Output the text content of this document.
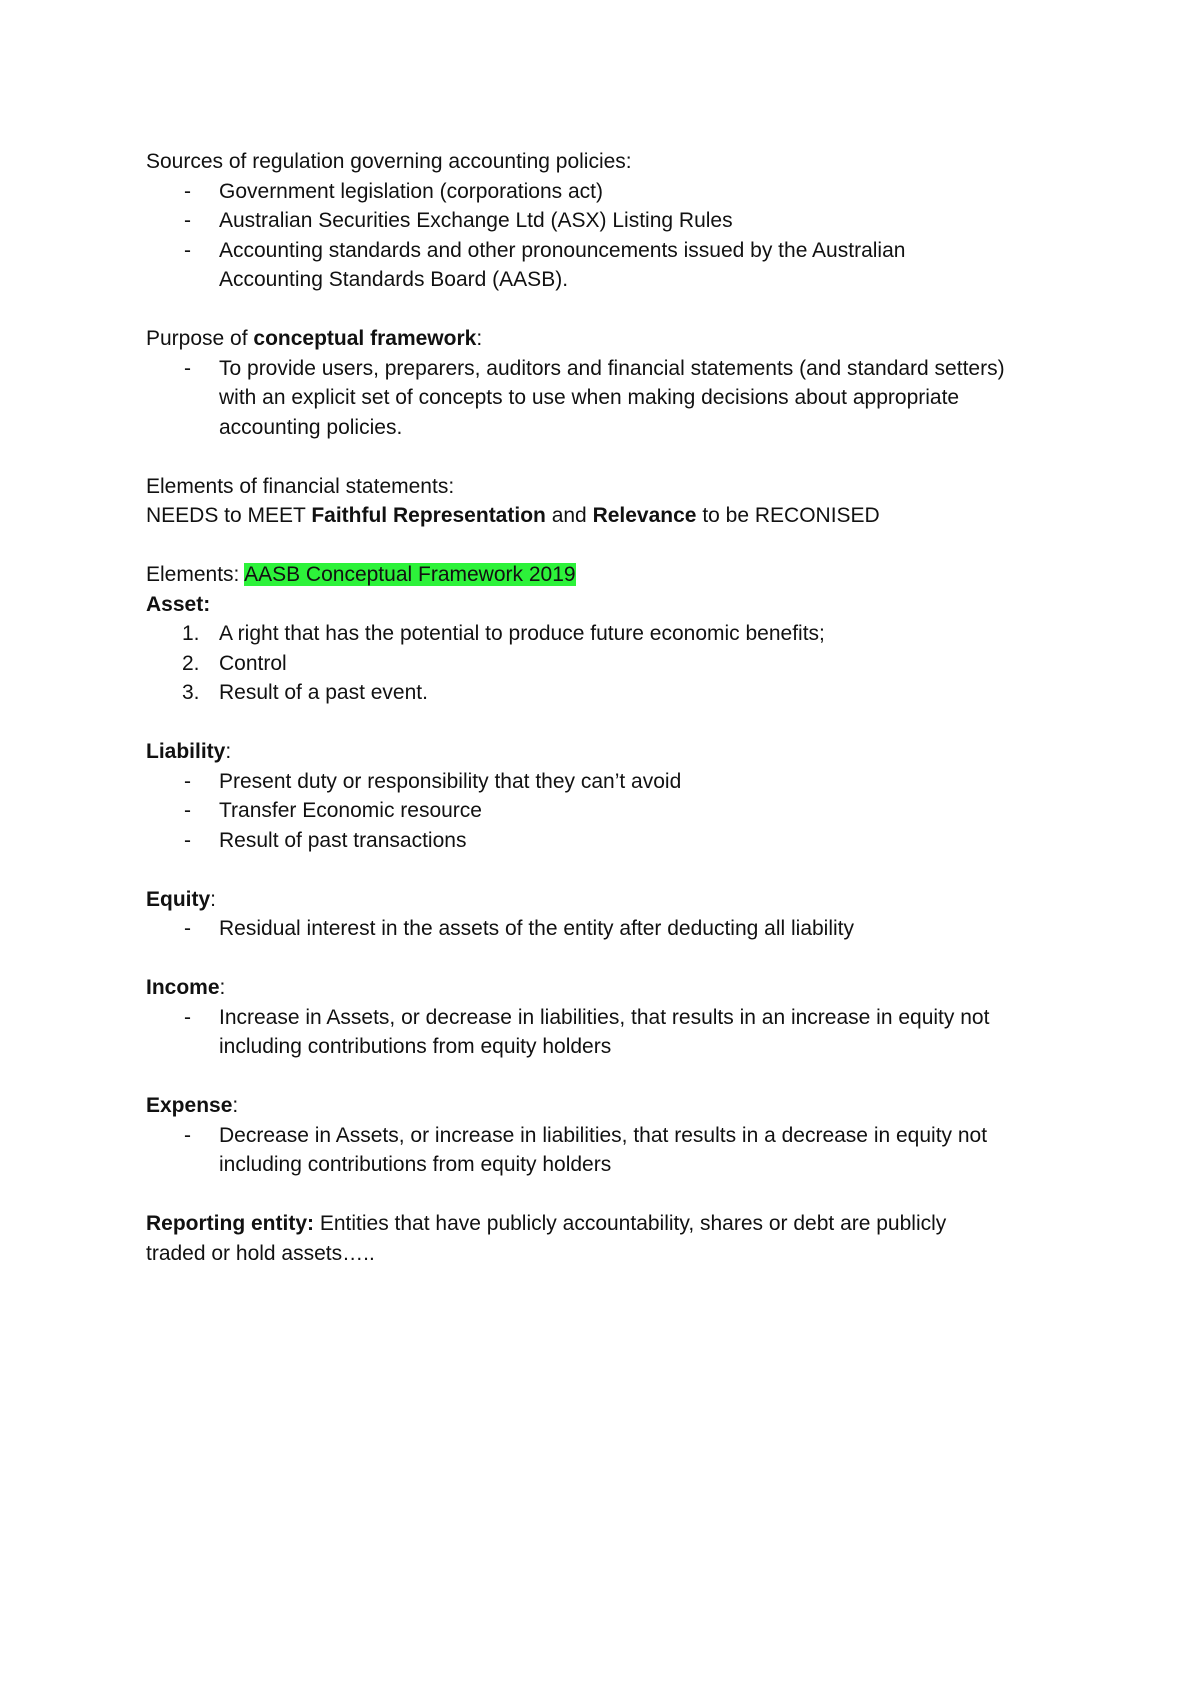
Sources of regulation governing accounting policies:
- Government legislation (corporations act)
- Australian Securities Exchange Ltd (ASX) Listing Rules
- Accounting standards and other pronouncements issued by the Australian
Accounting Standards Board (AASB).
Purpose of conceptual framework:
- To provide users, preparers, auditors and financial statements (and standard setters)
with an explicit set of concepts to use when making decisions about appropriate
accounting policies.
Elements of financial statements:
NEEDS to MEET Faithful Representation and Relevance to be RECONISED
Elements: AASB Conceptual Framework 2019
Asset:
1. A right that has the potential to produce future economic benefits;
2. Control
3. Result of a past event.
Liability:
- Present duty or responsibility that they can’t avoid
- Transfer Economic resource
- Result of past transactions
Equity:
- Residual interest in the assets of the entity after deducting all liability
Income:
- Increase in Assets, or decrease in liabilities, that results in an increase in equity not
including contributions from equity holders
Expense:
- Decrease in Assets, or increase in liabilities, that results in a decrease in equity not
including contributions from equity holders
Reporting entity: Entities that have publicly accountability, shares or debt are publicly
traded or hold assets…..
